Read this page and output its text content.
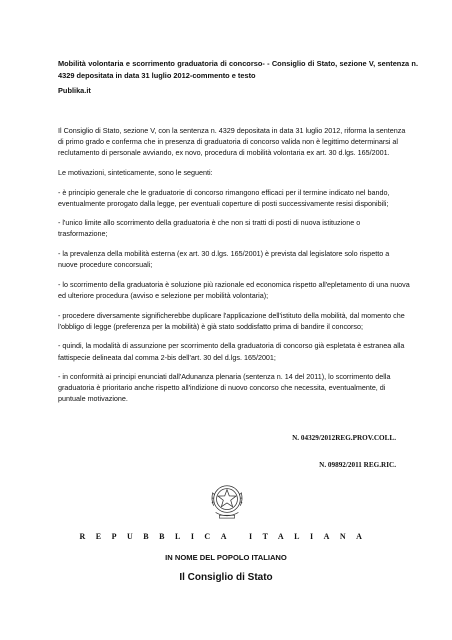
Mobilità volontaria e scorrimento graduatoria di concorso- - Consiglio di Stato, sezione V, sentenza n. 4329 depositata in data 31 luglio 2012-commento e testo
Publika.it

Il Consiglio di Stato, sezione V, con la sentenza n. 4329 depositata in data 31 luglio 2012, riforma la sentenza di primo grado e conferma che in presenza di graduatoria di concorso valida non è legittimo determinarsi al reclutamento di personale avviando, ex novo, procedura di mobilità volontaria ex art. 30 d.lgs. 165/2001.

Le motivazioni, sinteticamente, sono le seguenti:

- è principio generale che le graduatorie di concorso rimangono efficaci per il termine indicato nel bando, eventualmente prorogato dalla legge, per eventuali coperture di posti successivamente resisi disponibili;

- l'unico limite allo scorrimento della graduatoria è che non si tratti di posti di nuova istituzione o trasformazione;

- la prevalenza della mobilità esterna (ex art. 30 d.lgs. 165/2001) è prevista dal legislatore solo rispetto a nuove procedure concorsuali;

- lo scorrimento della graduatoria è soluzione più razionale ed economica rispetto all'epletamento di una nuova ed ulteriore procedura (avviso e selezione per mobilità volontaria);

- procedere diversamente significherebbe duplicare l'applicazione dell'istituto della mobilità, dal momento che l'obbligo di legge (preferenza per la mobilità) è già stato soddisfatto prima di bandire il concorso;

- quindi, la modalità di assunzione per scorrimento della graduatoria di concorso già espletata è estranea alla fattispecie delineata dal comma 2-bis dell'art. 30 del d.lgs. 165/2001;

- in conformità ai principi enunciati dall'Adunanza plenaria (sentenza n. 14 del 2011), lo scorrimento della graduatoria è prioritario anche rispetto all'indizione di nuovo concorso che necessita, eventualmente, di puntuale motivazione.

N. 04329/2012REG.PROV.COLL.
N. 09892/2011 REG.RIC.
REPUBBLICA ITALIANA
IN NOME DEL POPOLO ITALIANO
Il Consiglio di Stato
